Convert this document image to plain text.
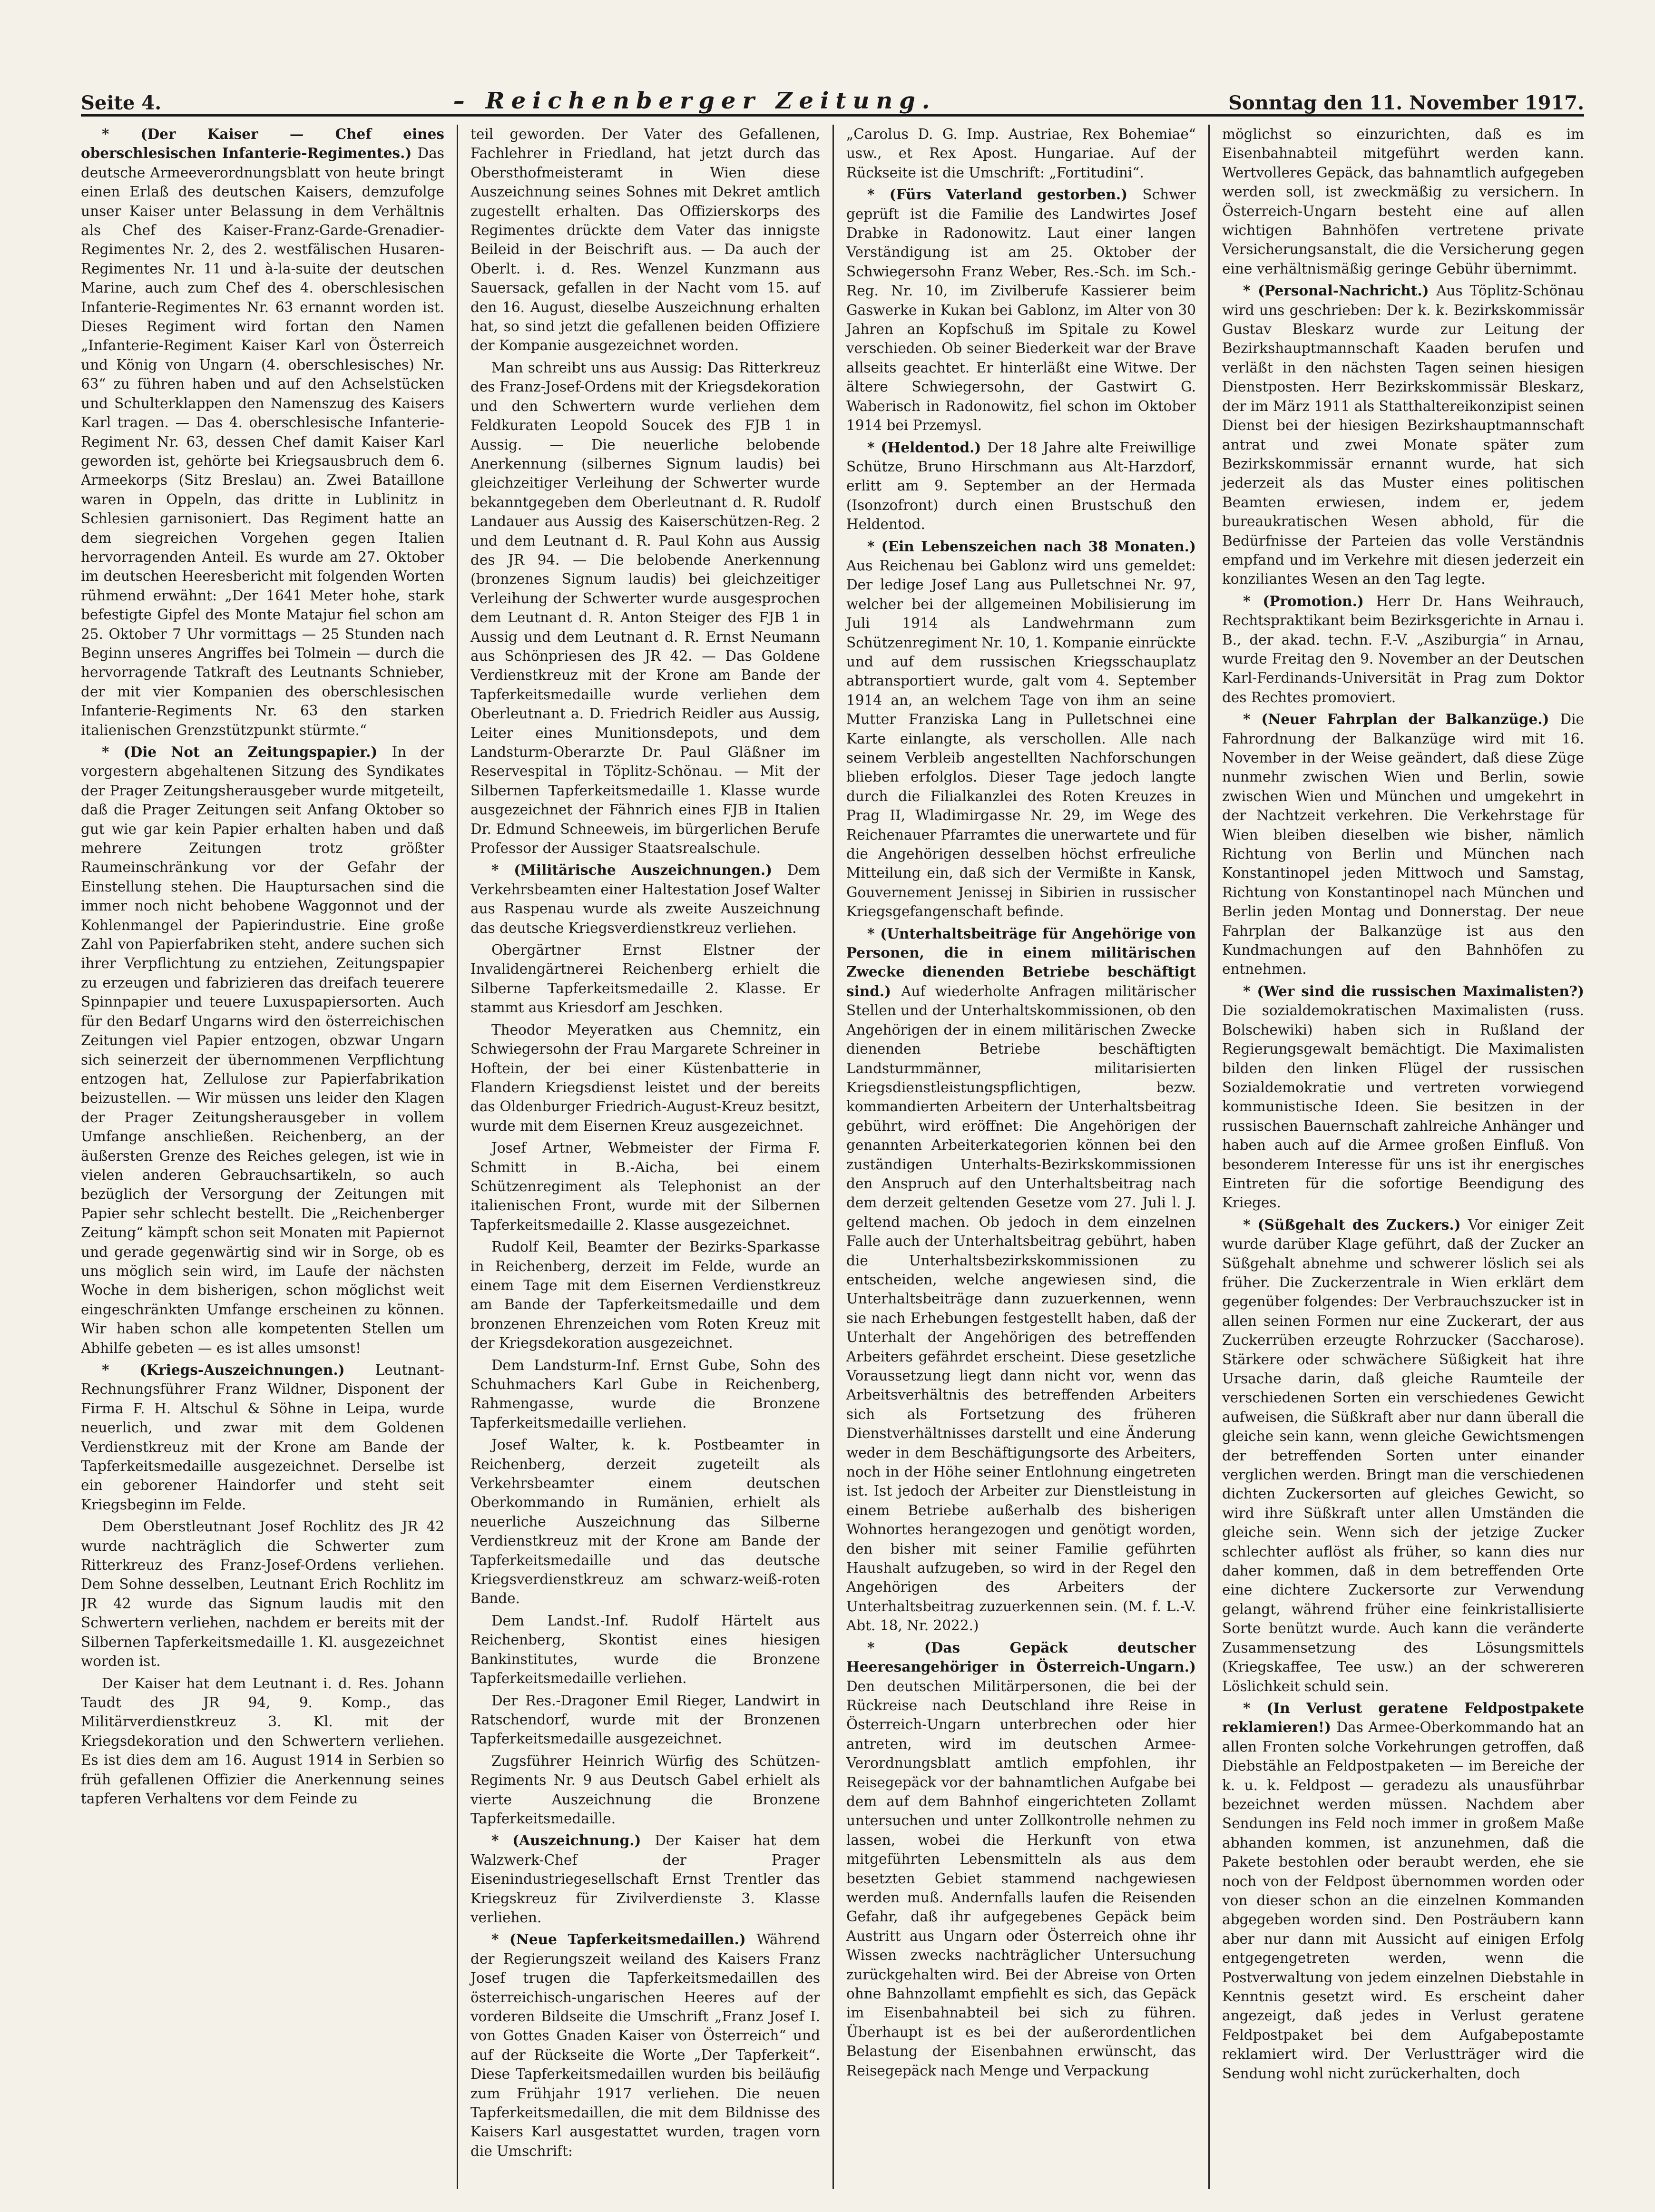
Seite 4.	– Reichenberger Zeitung.	Sonntag den 11. November 1917.

* (Der Kaiser — Chef eines oberschlesischen Infanterie-Regimentes.) Das deutsche Armeeverordnungsblatt von heute bringt einen Erlaß des deutschen Kaisers, demzufolge unser Kaiser unter Belassung in dem Verhältnis als Chef des Kaiser-Franz-Garde-Grenadier-Regimentes Nr. 2, des 2. westfälischen Husaren-Regimentes Nr. 11 und à-la-suite der deutschen Marine, auch zum Chef des 4. oberschlesischen Infanterie-Regimentes Nr. 63 ernannt worden ist. Dieses Regiment wird fortan den Namen „Infanterie-Regiment Kaiser Karl von Österreich und König von Ungarn (4. oberschlesisches) Nr. 63“ zu führen haben und auf den Achselstücken und Schulterklappen den Namenszug des Kaisers Karl tragen. — Das 4. oberschlesische Infanterie-Regiment Nr. 63, dessen Chef damit Kaiser Karl geworden ist, gehörte bei Kriegsausbruch dem 6. Armeekorps (Sitz Breslau) an. Zwei Bataillone waren in Oppeln, das dritte in Lublinitz in Schlesien garnisoniert. Das Regiment hatte an dem siegreichen Vorgehen gegen Italien hervorragenden Anteil. Es wurde am 27. Oktober im deutschen Heeresbericht mit folgenden Worten rühmend erwähnt: „Der 1641 Meter hohe, stark befestigte Gipfel des Monte Matajur fiel schon am 25. Oktober 7 Uhr vormittags — 25 Stunden nach Beginn unseres Angriffes bei Tolmein — durch die hervorragende Tatkraft des Leutnants Schnieber, der mit vier Kompanien des oberschlesischen Infanterie-Regiments Nr. 63 den starken italienischen Grenzstützpunkt stürmte.“

* (Die Not an Zeitungspapier.) In der vorgestern abgehaltenen Sitzung des Syndikates der Prager Zeitungsherausgeber wurde mitgeteilt, daß die Prager Zeitungen seit Anfang Oktober so gut wie gar kein Papier erhalten haben und daß mehrere Zeitungen trotz größter Raumeinschränkung vor der Gefahr der Einstellung stehen. Die Hauptursachen sind die immer noch nicht behobene Waggonnot und der Kohlenmangel der Papierindustrie. Eine große Zahl von Papierfabriken steht, andere suchen sich ihrer Verpflichtung zu entziehen, Zeitungspapier zu erzeugen und fabrizieren das dreifach teuerere Spinnpapier und teuere Luxuspapiersorten. Auch für den Bedarf Ungarns wird den österreichischen Zeitungen viel Papier entzogen, obzwar Ungarn sich seinerzeit der übernommenen Verpflichtung entzogen hat, Zellulose zur Papierfabrikation beizustellen. — Wir müssen uns leider den Klagen der Prager Zeitungsherausgeber in vollem Umfange anschließen. Reichenberg, an der äußersten Grenze des Reiches gelegen, ist wie in vielen anderen Gebrauchsartikeln, so auch bezüglich der Versorgung der Zeitungen mit Papier sehr schlecht bestellt. Die „Reichenberger Zeitung“ kämpft schon seit Monaten mit Papiernot und gerade gegenwärtig sind wir in Sorge, ob es uns möglich sein wird, im Laufe der nächsten Woche in dem bisherigen, schon möglichst weit eingeschränkten Umfange erscheinen zu können. Wir haben schon alle kompetenten Stellen um Abhilfe gebeten — es ist alles umsonst!

* (Kriegs-Auszeichnungen.) Leutnant-Rechnungsführer Franz Wildner, Disponent der Firma F. H. Altschul & Söhne in Leipa, wurde neuerlich, und zwar mit dem Goldenen Verdienstkreuz mit der Krone am Bande der Tapferkeitsmedaille ausgezeichnet. Derselbe ist ein geborener Haindorfer und steht seit Kriegsbeginn im Felde.

Dem Oberstleutnant Josef Rochlitz des JR 42 wurde nachträglich die Schwerter zum Ritterkreuz des Franz-Josef-Ordens verliehen. Dem Sohne desselben, Leutnant Erich Rochlitz im JR 42 wurde das Signum laudis mit den Schwertern verliehen, nachdem er bereits mit der Silbernen Tapferkeitsmedaille 1. Kl. ausgezeichnet worden ist.

Der Kaiser hat dem Leutnant i. d. Res. Johann Taudt des JR 94, 9. Komp., das Militärverdienstkreuz 3. Kl. mit der Kriegsdekoration und den Schwertern verliehen. Es ist dies dem am 16. August 1914 in Serbien so früh gefallenen Offizier die Anerkennung seines tapferen Verhaltens vor dem Feinde zu

teil geworden. Der Vater des Gefallenen, Fachlehrer in Friedland, hat jetzt durch das Obersthofmeisteramt in Wien diese Auszeichnung seines Sohnes mit Dekret amtlich zugestellt erhalten. Das Offizierskorps des Regimentes drückte dem Vater das innigste Beileid in der Beischrift aus. — Da auch der Oberlt. i. d. Res. Wenzel Kunzmann aus Sauersack, gefallen in der Nacht vom 15. auf den 16. August, dieselbe Auszeichnung erhalten hat, so sind jetzt die gefallenen beiden Offiziere der Kompanie ausgezeichnet worden.

Man schreibt uns aus Aussig: Das Ritterkreuz des Franz-Josef-Ordens mit der Kriegsdekoration und den Schwertern wurde verliehen dem Feldkuraten Leopold Soucek des FJB 1 in Aussig. — Die neuerliche belobende Anerkennung (silbernes Signum laudis) bei gleichzeitiger Verleihung der Schwerter wurde bekanntgegeben dem Oberleutnant d. R. Rudolf Landauer aus Aussig des Kaiserschützen-Reg. 2 und dem Leutnant d. R. Paul Kohn aus Aussig des JR 94. — Die belobende Anerkennung (bronzenes Signum laudis) bei gleichzeitiger Verleihung der Schwerter wurde ausgesprochen dem Leutnant d. R. Anton Steiger des FJB 1 in Aussig und dem Leutnant d. R. Ernst Neumann aus Schönpriesen des JR 42. — Das Goldene Verdienstkreuz mit der Krone am Bande der Tapferkeitsmedaille wurde verliehen dem Oberleutnant a. D. Friedrich Reidler aus Aussig, Leiter eines Munitionsdepots, und dem Landsturm-Oberarzte Dr. Paul Gläßner im Reservespital in Töplitz-Schönau. — Mit der Silbernen Tapferkeitsmedaille 1. Klasse wurde ausgezeichnet der Fähnrich eines FJB in Italien Dr. Edmund Schneeweis, im bürgerlichen Berufe Professor der Aussiger Staatsrealschule.

* (Militärische Auszeichnungen.) Dem Verkehrsbeamten einer Haltestation Josef Walter aus Raspenau wurde als zweite Auszeichnung das deutsche Kriegsverdienstkreuz verliehen.

Obergärtner Ernst Elstner der Invalidengärtnerei Reichenberg erhielt die Silberne Tapferkeitsmedaille 2. Klasse. Er stammt aus Kriesdorf am Jeschken.

Theodor Meyeratken aus Chemnitz, ein Schwiegersohn der Frau Margarete Schreiner in Hoftein, der bei einer Küstenbatterie in Flandern Kriegsdienst leistet und der bereits das Oldenburger Friedrich-August-Kreuz besitzt, wurde mit dem Eisernen Kreuz ausgezeichnet.

Josef Artner, Webmeister der Firma F. Schmitt in B.-Aicha, bei einem Schützenregiment als Telephonist an der italienischen Front, wurde mit der Silbernen Tapferkeitsmedaille 2. Klasse ausgezeichnet.

Rudolf Keil, Beamter der Bezirks-Sparkasse in Reichenberg, derzeit im Felde, wurde an einem Tage mit dem Eisernen Verdienstkreuz am Bande der Tapferkeitsmedaille und dem bronzenen Ehrenzeichen vom Roten Kreuz mit der Kriegsdekoration ausgezeichnet.

Dem Landsturm-Inf. Ernst Gube, Sohn des Schuhmachers Karl Gube in Reichenberg, Rahmengasse, wurde die Bronzene Tapferkeitsmedaille verliehen.

Josef Walter, k. k. Postbeamter in Reichenberg, derzeit zugeteilt als Verkehrsbeamter einem deutschen Oberkommando in Rumänien, erhielt als neuerliche Auszeichnung das Silberne Verdienstkreuz mit der Krone am Bande der Tapferkeitsmedaille und das deutsche Kriegsverdienstkreuz am schwarz-weiß-roten Bande.

Dem Landst.-Inf. Rudolf Härtelt aus Reichenberg, Skontist eines hiesigen Bankinstitutes, wurde die Bronzene Tapferkeitsmedaille verliehen.

Der Res.-Dragoner Emil Rieger, Landwirt in Ratschendorf, wurde mit der Bronzenen Tapferkeitsmedaille ausgezeichnet.

Zugsführer Heinrich Würfig des Schützen-Regiments Nr. 9 aus Deutsch Gabel erhielt als vierte Auszeichnung die Bronzene Tapferkeitsmedaille.

* (Auszeichnung.) Der Kaiser hat dem Walzwerk-Chef der Prager Eisenindustriegesellschaft Ernst Trentler das Kriegskreuz für Zivilverdienste 3. Klasse verliehen.

* (Neue Tapferkeitsmedaillen.) Während der Regierungszeit weiland des Kaisers Franz Josef trugen die Tapferkeitsmedaillen des österreichisch-ungarischen Heeres auf der vorderen Bildseite die Umschrift „Franz Josef I. von Gottes Gnaden Kaiser von Österreich“ und auf der Rückseite die Worte „Der Tapferkeit“. Diese Tapferkeitsmedaillen wurden bis beiläufig zum Frühjahr 1917 verliehen. Die neuen Tapferkeitsmedaillen, die mit dem Bildnisse des Kaisers Karl ausgestattet wurden, tragen vorn die Umschrift:

„Carolus D. G. Imp. Austriae, Rex Bohemiae“ usw., et Rex Apost. Hungariae. Auf der Rückseite ist die Umschrift: „Fortitudini“.

* (Fürs Vaterland gestorben.) Schwer geprüft ist die Familie des Landwirtes Josef Drabke in Radonowitz. Laut einer langen Verständigung ist am 25. Oktober der Schwiegersohn Franz Weber, Res.-Sch. im Sch.-Reg. Nr. 10, im Zivilberufe Kassierer beim Gaswerke in Kukan bei Gablonz, im Alter von 30 Jahren an Kopfschuß im Spitale zu Kowel verschieden. Ob seiner Biederkeit war der Brave allseits geachtet. Er hinterläßt eine Witwe. Der ältere Schwiegersohn, der Gastwirt G. Waberisch in Radonowitz, fiel schon im Oktober 1914 bei Przemysl.

* (Heldentod.) Der 18 Jahre alte Freiwillige Schütze, Bruno Hirschmann aus Alt-Harzdorf, erlitt am 9. September an der Hermada (Isonzofront) durch einen Brustschuß den Heldentod.

* (Ein Lebenszeichen nach 38 Monaten.) Aus Reichenau bei Gablonz wird uns gemeldet: Der ledige Josef Lang aus Pulletschnei Nr. 97, welcher bei der allgemeinen Mobilisierung im Juli 1914 als Landwehrmann zum Schützenregiment Nr. 10, 1. Kompanie einrückte und auf dem russischen Kriegsschauplatz abtransportiert wurde, galt vom 4. September 1914 an, an welchem Tage von ihm an seine Mutter Franziska Lang in Pulletschnei eine Karte einlangte, als verschollen. Alle nach seinem Verbleib angestellten Nachforschungen blieben erfolglos. Dieser Tage jedoch langte durch die Filialkanzlei des Roten Kreuzes in Prag II, Wladimirgasse Nr. 29, im Wege des Reichenauer Pfarramtes die unerwartete und für die Angehörigen desselben höchst erfreuliche Mitteilung ein, daß sich der Vermißte in Kansk, Gouvernement Jenissej in Sibirien in russischer Kriegsgefangenschaft befinde.

* (Unterhaltsbeiträge für Angehörige von Personen, die in einem militärischen Zwecke dienenden Betriebe beschäftigt sind.) Auf wiederholte Anfragen militärischer Stellen und der Unterhaltskommissionen, ob den Angehörigen der in einem militärischen Zwecke dienenden Betriebe beschäftigten Landsturmmänner, militarisierten Kriegsdienstleistungspflichtigen, bezw. kommandierten Arbeitern der Unterhaltsbeitrag gebührt, wird eröffnet: Die Angehörigen der genannten Arbeiterkategorien können bei den zuständigen Unterhalts-Bezirkskommissionen den Anspruch auf den Unterhaltsbeitrag nach dem derzeit geltenden Gesetze vom 27. Juli l. J. geltend machen. Ob jedoch in dem einzelnen Falle auch der Unterhaltsbeitrag gebührt, haben die Unterhaltsbezirkskommissionen zu entscheiden, welche angewiesen sind, die Unterhaltsbeiträge dann zuzuerkennen, wenn sie nach Erhebungen festgestellt haben, daß der Unterhalt der Angehörigen des betreffenden Arbeiters gefährdet erscheint. Diese gesetzliche Voraussetzung liegt dann nicht vor, wenn das Arbeitsverhältnis des betreffenden Arbeiters sich als Fortsetzung des früheren Dienstverhältnisses darstellt und eine Änderung weder in dem Beschäftigungsorte des Arbeiters, noch in der Höhe seiner Entlohnung eingetreten ist. Ist jedoch der Arbeiter zur Dienstleistung in einem Betriebe außerhalb des bisherigen Wohnortes herangezogen und genötigt worden, den bisher mit seiner Familie geführten Haushalt aufzugeben, so wird in der Regel den Angehörigen des Arbeiters der Unterhaltsbeitrag zuzuerkennen sein. (M. f. L.-V. Abt. 18, Nr. 2022.)

* (Das Gepäck deutscher Heeresangehöriger in Österreich-Ungarn.) Den deutschen Militärpersonen, die bei der Rückreise nach Deutschland ihre Reise in Österreich-Ungarn unterbrechen oder hier antreten, wird im deutschen Armee-Verordnungsblatt amtlich empfohlen, ihr Reisegepäck vor der bahnamtlichen Aufgabe bei dem auf dem Bahnhof eingerichteten Zollamt untersuchen und unter Zollkontrolle nehmen zu lassen, wobei die Herkunft von etwa mitgeführten Lebensmitteln als aus dem besetzten Gebiet stammend nachgewiesen werden muß. Andernfalls laufen die Reisenden Gefahr, daß ihr aufgegebenes Gepäck beim Austritt aus Ungarn oder Österreich ohne ihr Wissen zwecks nachträglicher Untersuchung zurückgehalten wird. Bei der Abreise von Orten ohne Bahnzollamt empfiehlt es sich, das Gepäck im Eisenbahnabteil bei sich zu führen. Überhaupt ist es bei der außerordentlichen Belastung der Eisenbahnen erwünscht, das Reisegepäck nach Menge und Verpackung

möglichst so einzurichten, daß es im Eisenbahnabteil mitgeführt werden kann. Wertvolleres Gepäck, das bahnamtlich aufgegeben werden soll, ist zweckmäßig zu versichern. In Österreich-Ungarn besteht eine auf allen wichtigen Bahnhöfen vertretene private Versicherungsanstalt, die die Versicherung gegen eine verhältnismäßig geringe Gebühr übernimmt.

* (Personal-Nachricht.) Aus Töplitz-Schönau wird uns geschrieben: Der k. k. Bezirkskommissär Gustav Bleskarz wurde zur Leitung der Bezirkshauptmannschaft Kaaden berufen und verläßt in den nächsten Tagen seinen hiesigen Dienstposten. Herr Bezirkskommissär Bleskarz, der im März 1911 als Statthaltereikonzipist seinen Dienst bei der hiesigen Bezirkshauptmannschaft antrat und zwei Monate später zum Bezirkskommissär ernannt wurde, hat sich jederzeit als das Muster eines politischen Beamten erwiesen, indem er, jedem bureaukratischen Wesen abhold, für die Bedürfnisse der Parteien das volle Verständnis empfand und im Verkehre mit diesen jederzeit ein konziliantes Wesen an den Tag legte.

* (Promotion.) Herr Dr. Hans Weihrauch, Rechtspraktikant beim Bezirksgerichte in Arnau i. B., der akad. techn. F.-V. „Asziburgia“ in Arnau, wurde Freitag den 9. November an der Deutschen Karl-Ferdinands-Universität in Prag zum Doktor des Rechtes promoviert.

* (Neuer Fahrplan der Balkanzüge.) Die Fahrordnung der Balkanzüge wird mit 16. November in der Weise geändert, daß diese Züge nunmehr zwischen Wien und Berlin, sowie zwischen Wien und München und umgekehrt in der Nachtzeit verkehren. Die Verkehrstage für Wien bleiben dieselben wie bisher, nämlich Richtung von Berlin und München nach Konstantinopel jeden Mittwoch und Samstag, Richtung von Konstantinopel nach München und Berlin jeden Montag und Donnerstag. Der neue Fahrplan der Balkanzüge ist aus den Kundmachungen auf den Bahnhöfen zu entnehmen.

* (Wer sind die russischen Maximalisten?) Die sozialdemokratischen Maximalisten (russ. Bolschewiki) haben sich in Rußland der Regierungsgewalt bemächtigt. Die Maximalisten bilden den linken Flügel der russischen Sozialdemokratie und vertreten vorwiegend kommunistische Ideen. Sie besitzen in der russischen Bauernschaft zahlreiche Anhänger und haben auch auf die Armee großen Einfluß. Von besonderem Interesse für uns ist ihr energisches Eintreten für die sofortige Beendigung des Krieges.

* (Süßgehalt des Zuckers.) Vor einiger Zeit wurde darüber Klage geführt, daß der Zucker an Süßgehalt abnehme und schwerer löslich sei als früher. Die Zuckerzentrale in Wien erklärt dem gegenüber folgendes: Der Verbrauchszucker ist in allen seinen Formen nur eine Zuckerart, der aus Zuckerrüben erzeugte Rohrzucker (Saccharose). Stärkere oder schwächere Süßigkeit hat ihre Ursache darin, daß gleiche Raumteile der verschiedenen Sorten ein verschiedenes Gewicht aufweisen, die Süßkraft aber nur dann überall die gleiche sein kann, wenn gleiche Gewichtsmengen der betreffenden Sorten unter einander verglichen werden. Bringt man die verschiedenen dichten Zuckersorten auf gleiches Gewicht, so wird ihre Süßkraft unter allen Umständen die gleiche sein. Wenn sich der jetzige Zucker schlechter auflöst als früher, so kann dies nur daher kommen, daß in dem betreffenden Orte eine dichtere Zuckersorte zur Verwendung gelangt, während früher eine feinkristallisierte Sorte benützt wurde. Auch kann die veränderte Zusammensetzung des Lösungsmittels (Kriegskaffee, Tee usw.) an der schwereren Löslichkeit schuld sein.

* (In Verlust geratene Feldpostpakete reklamieren!) Das Armee-Oberkommando hat an allen Fronten solche Vorkehrungen getroffen, daß Diebstähle an Feldpostpaketen — im Bereiche der k. u. k. Feldpost — geradezu als unausführbar bezeichnet werden müssen. Nachdem aber Sendungen ins Feld noch immer in großem Maße abhanden kommen, ist anzunehmen, daß die Pakete bestohlen oder beraubt werden, ehe sie noch von der Feldpost übernommen worden oder von dieser schon an die einzelnen Kommanden abgegeben worden sind. Den Posträubern kann aber nur dann mit Aussicht auf einigen Erfolg entgegengetreten werden, wenn die Postverwaltung von jedem einzelnen Diebstahle in Kenntnis gesetzt wird. Es erscheint daher angezeigt, daß jedes in Verlust geratene Feldpostpaket bei dem Aufgabepostamte reklamiert wird. Der Verlustträger wird die Sendung wohl nicht zurückerhalten, doch
